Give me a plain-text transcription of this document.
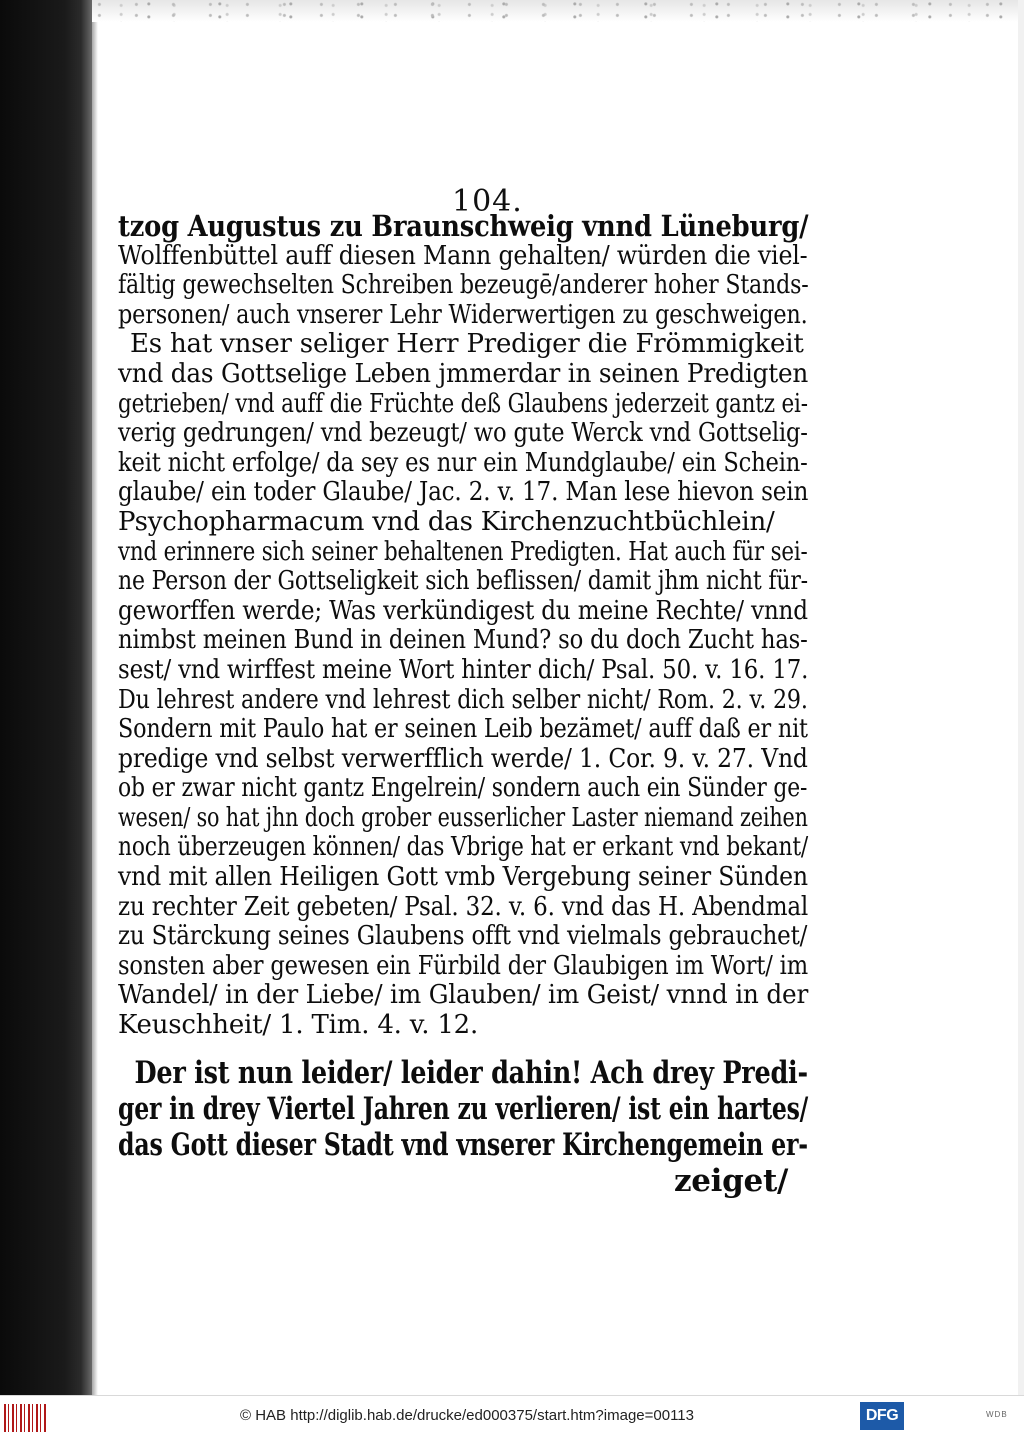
104.
tzog Augustus zu Braunschweig vnnd Lüneburg/
Wolffenbüttel auff diesen Mann gehalten/ würden die viel-
fältig gewechselten Schreiben bezeugē/anderer hoher Stands-
personen/ auch vnserer Lehr Widerwertigen zu geschweigen.
Es hat vnser seliger Herr Prediger die Frömmigkeit
vnd das Gottselige Leben jmmerdar in seinen Predigten
getrieben/ vnd auff die Früchte deß Glaubens jederzeit gantz ei-
verig gedrungen/ vnd bezeugt/ wo gute Werck vnd Gottselig-
keit nicht erfolge/ da sey es nur ein Mundglaube/ ein Schein-
glaube/ ein toder Glaube/ Jac. 2. v. 17. Man lese hievon sein
Psychopharmacum vnd das Kirchenzuchtbüchlein/
vnd erinnere sich seiner behaltenen Predigten. Hat auch für sei-
ne Person der Gottseligkeit sich beflissen/ damit jhm nicht für-
geworffen werde; Was verkündigest du meine Rechte/ vnnd
nimbst meinen Bund in deinen Mund? so du doch Zucht has-
sest/ vnd wirffest meine Wort hinter dich/ Psal. 50. v. 16. 17.
Du lehrest andere vnd lehrest dich selber nicht/ Rom. 2. v. 29.
Sondern mit Paulo hat er seinen Leib bezämet/ auff daß er nit
predige vnd selbst verwerfflich werde/ 1. Cor. 9. v. 27. Vnd
ob er zwar nicht gantz Engelrein/ sondern auch ein Sünder ge-
wesen/ so hat jhn doch grober eusserlicher Laster niemand zeihen
noch überzeugen können/ das Vbrige hat er erkant vnd bekant/
vnd mit allen Heiligen Gott vmb Vergebung seiner Sünden
zu rechter Zeit gebeten/ Psal. 32. v. 6. vnd das H. Abendmal
zu Stärckung seines Glaubens offt vnd vielmals gebrauchet/
sonsten aber gewesen ein Fürbild der Glaubigen im Wort/ im
Wandel/ in der Liebe/ im Glauben/ im Geist/ vnnd in der
Keuschheit/ 1. Tim. 4. v. 12.
Der ist nun leider/ leider dahin! Ach drey Predi-
ger in drey Viertel Jahren zu verlieren/ ist ein hartes/
das Gott dieser Stadt vnd vnserer Kirchengemein er-
zeiget/
© HAB http://diglib.hab.de/drucke/ed000375/start.htm?image=00113	DFG	WDB
